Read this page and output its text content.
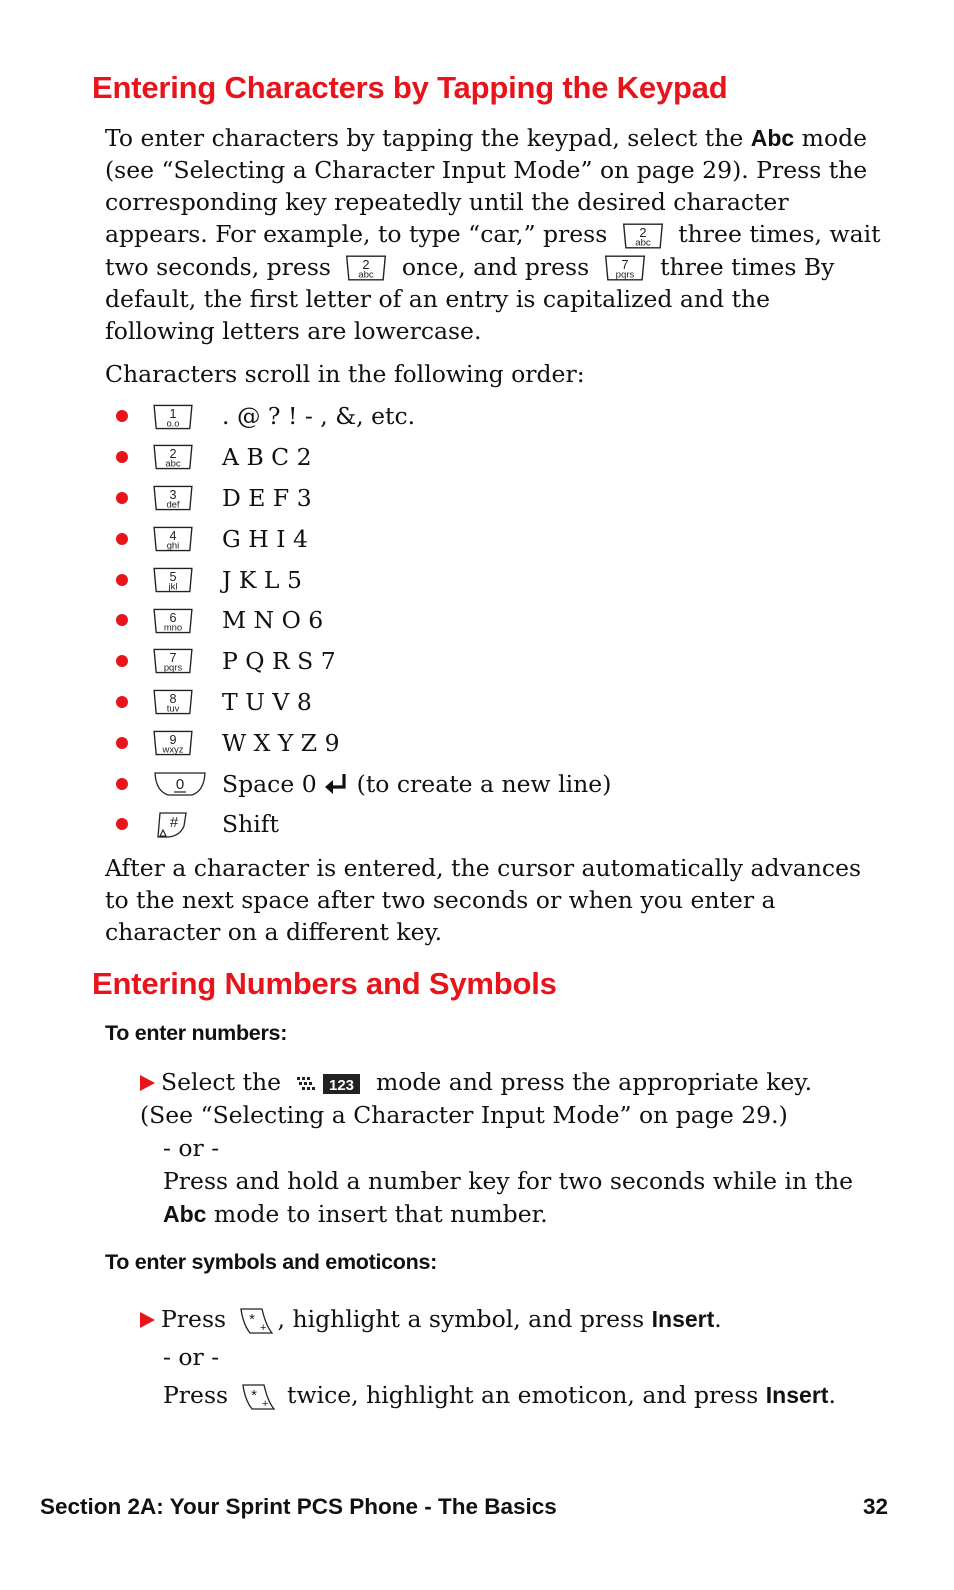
Entering Characters by Tapping the Keypad

To enter characters by tapping the keypad, select the Abc mode (see “Selecting a Character Input Mode” on page 29). Press the corresponding key repeatedly until the desired character appears. For example, to type “car,” press 2
abc three times, wait two seconds, press 2
abc once, and press 7
pqrs three times By default, the first letter of an entry is capitalized and the following letters are lowercase.

Characters scroll in the following order:

1
o.o . @ ? ! - , &, etc.
2
abc A B C 2
3
def D E F 3
4
ghi G H I 4
5
jkl J K L 5
6
mno M N O 6
7
pqrs P Q R S 7
8
tuv T U V 8
9
wxyz W X Y Z 9
0 Space 0 (to create a new line)
# Shift

After a character is entered, the cursor automatically advances to the next space after two seconds or when you enter a character on a different key.

Entering Numbers and Symbols

To enter numbers:

Select the	123 mode and press the appropriate key. (See “Selecting a Character Input Mode” on page 29.)
- or -
Press and hold a number key for two seconds while in the Abc mode to insert that number.

To enter symbols and emoticons:

Press * + , highlight a symbol, and press Insert.
- or -
Press * + twice, highlight an emoticon, and press Insert.
Section 2A: Your Sprint PCS Phone - The Basics	32
